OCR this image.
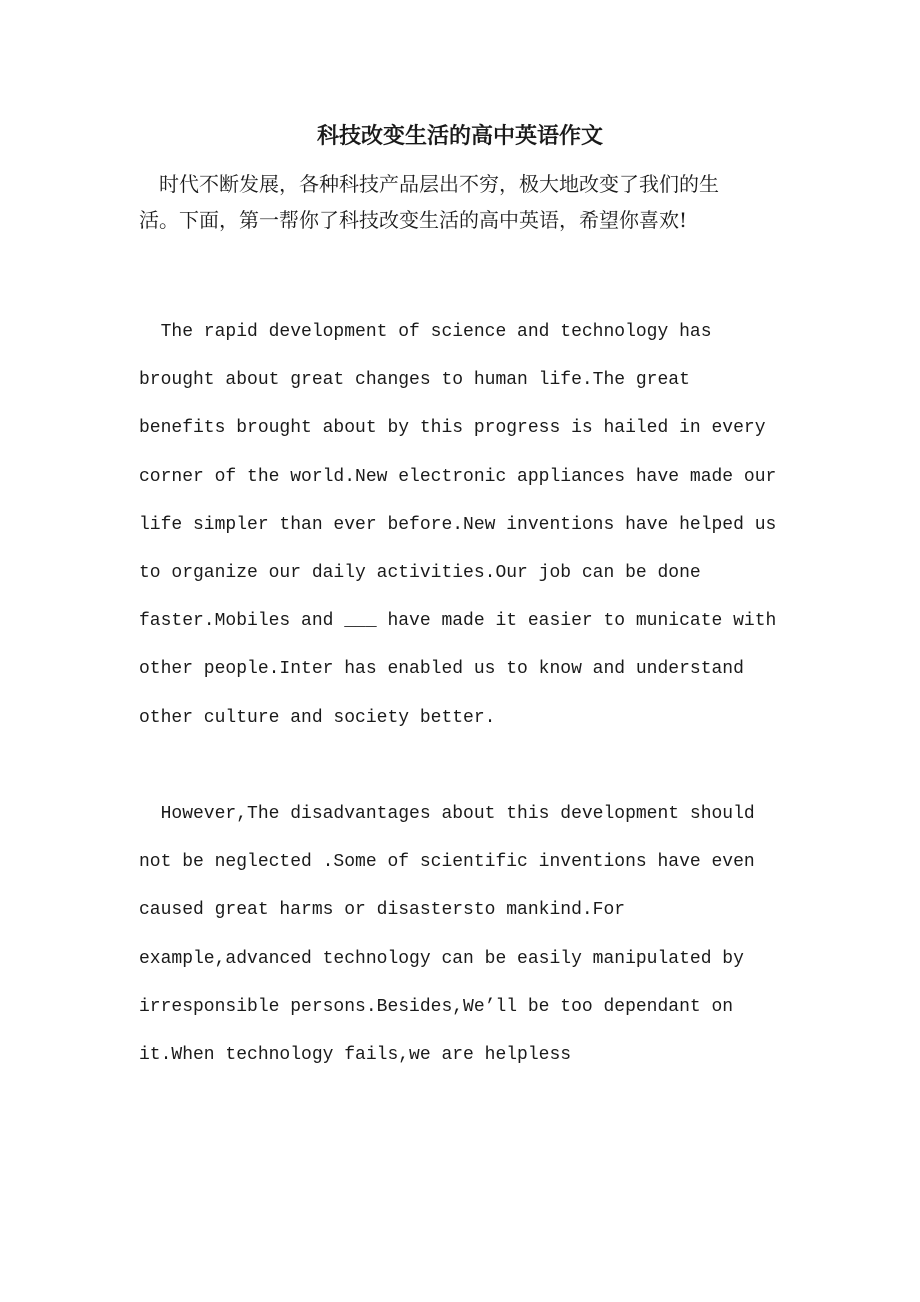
科技改变生活的高中英语作文

　时代不断发展，各种科技产品层出不穷，极大地改变了我们的生
活。下面，第一帮你了科技改变生活的高中英语，希望你喜欢!

The rapid development of science and technology has
brought about great changes to human life.The great
benefits brought about by this progress is hailed in every
corner of the world.New electronic appliances have made our
life simpler than ever before.New inventions have helped us
to organize our daily activities.Our job can be done
faster.Mobiles and ___ have made it easier to municate with
other people.Inter has enabled us to know and understand
other culture and society better.

However,The disadvantages about this development should
not be neglected .Some of scientific inventions have even
caused great harms or disastersto mankind.For
example,advanced technology can be easily manipulated by
irresponsible persons.Besides,We’ll be too dependant on
it.When technology fails,we are helpless
